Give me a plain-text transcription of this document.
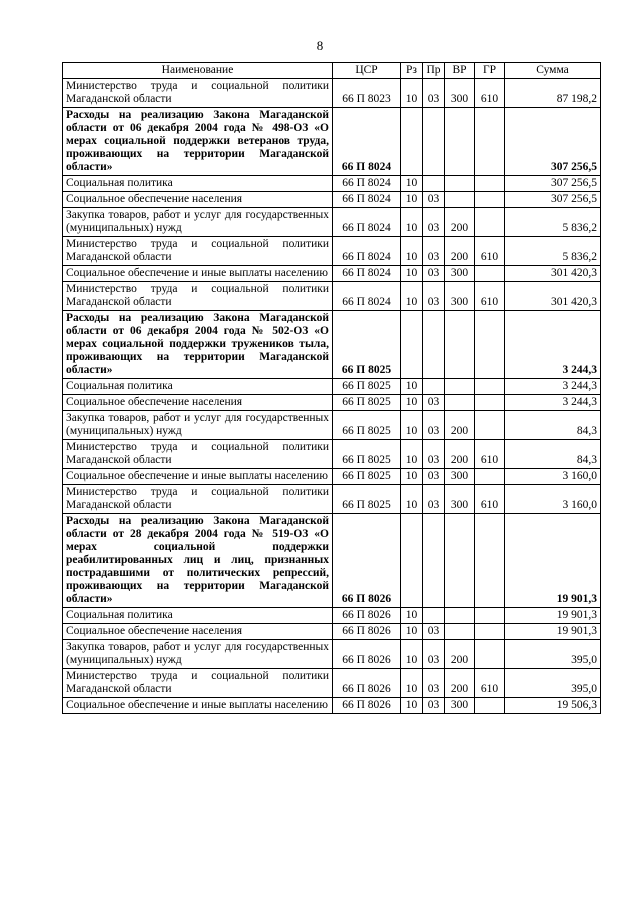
8
Наименование	ЦСР	Рз	Пр	ВР	ГР	Сумма
Министерство труда и социальной политики Магаданской области	66 П 8023	10	03	300	610	87 198,2
Расходы на реализацию Закона Магаданской области от 06 декабря 2004 года № 498-ОЗ «О мерах социальной поддержки ветеранов труда, проживающих на территории Магаданской области»	66 П 8024					307 256,5
Социальная политика	66 П 8024	10				307 256,5
Социальное обеспечение населения	66 П 8024	10	03			307 256,5
Закупка товаров, работ и услуг для государственных (муниципальных) нужд	66 П 8024	10	03	200		5 836,2
Министерство труда и социальной политики Магаданской области	66 П 8024	10	03	200	610	5 836,2
Социальное обеспечение и иные выплаты населению	66 П 8024	10	03	300		301 420,3
Министерство труда и социальной политики Магаданской области	66 П 8024	10	03	300	610	301 420,3
Расходы на реализацию Закона Магаданской области от 06 декабря 2004 года № 502-ОЗ «О мерах социальной поддержки тружеников тыла, проживающих на территории Магаданской области»	66 П 8025					3 244,3
Социальная политика	66 П 8025	10				3 244,3
Социальное обеспечение населения	66 П 8025	10	03			3 244,3
Закупка товаров, работ и услуг для государственных (муниципальных) нужд	66 П 8025	10	03	200		84,3
Министерство труда и социальной политики Магаданской области	66 П 8025	10	03	200	610	84,3
Социальное обеспечение и иные выплаты населению	66 П 8025	10	03	300		3 160,0
Министерство труда и социальной политики Магаданской области	66 П 8025	10	03	300	610	3 160,0
Расходы на реализацию Закона Магаданской области от 28 декабря 2004 года № 519-ОЗ «О мерах социальной поддержки реабилитированных лиц и лиц, признанных пострадавшими от политических репрессий, проживающих на территории Магаданской области»	66 П 8026					19 901,3
Социальная политика	66 П 8026	10				19 901,3
Социальное обеспечение населения	66 П 8026	10	03			19 901,3
Закупка товаров, работ и услуг для государственных (муниципальных) нужд	66 П 8026	10	03	200		395,0
Министерство труда и социальной политики Магаданской области	66 П 8026	10	03	200	610	395,0
Социальное обеспечение и иные выплаты населению	66 П 8026	10	03	300		19 506,3
